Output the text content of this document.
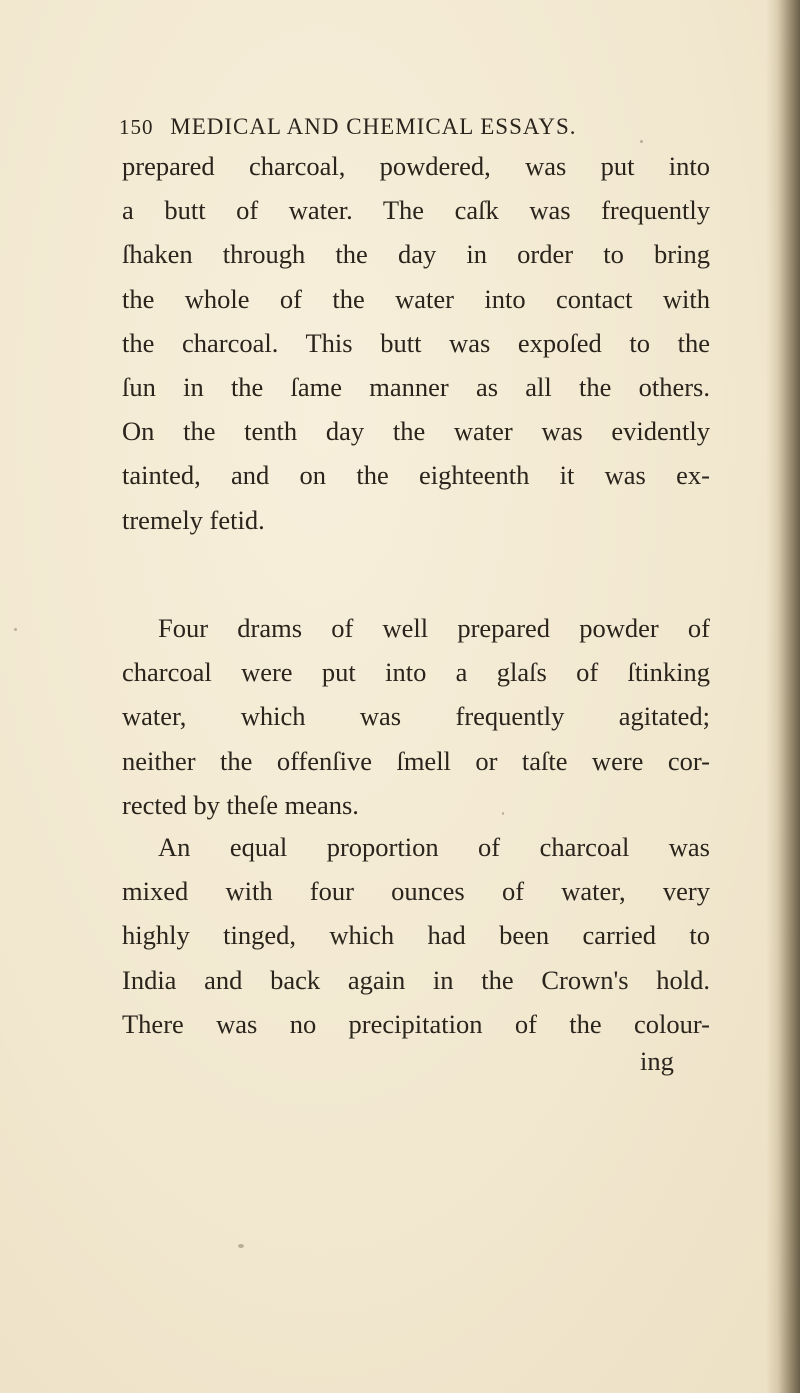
150 MEDICAL AND CHEMICAL ESSAYS.
prepared charcoal, powdered, was put into
a butt of water. The caſk was frequently
ſhaken through the day in order to bring
the whole of the water into contact with
the charcoal. This butt was expoſed to the
ſun in the ſame manner as all the others.
On the tenth day the water was evidently
tainted, and on the eighteenth it was ex-
tremely fetid.
Four drams of well prepared powder of
charcoal were put into a glaſs of ſtinking
water, which was frequently agitated;
neither the offenſive ſmell or taſte were cor-
rected by theſe means.
An equal proportion of charcoal was
mixed with four ounces of water, very
highly tinged, which had been carried to
India and back again in the Crown's hold.
There was no precipitation of the colour-
ing
